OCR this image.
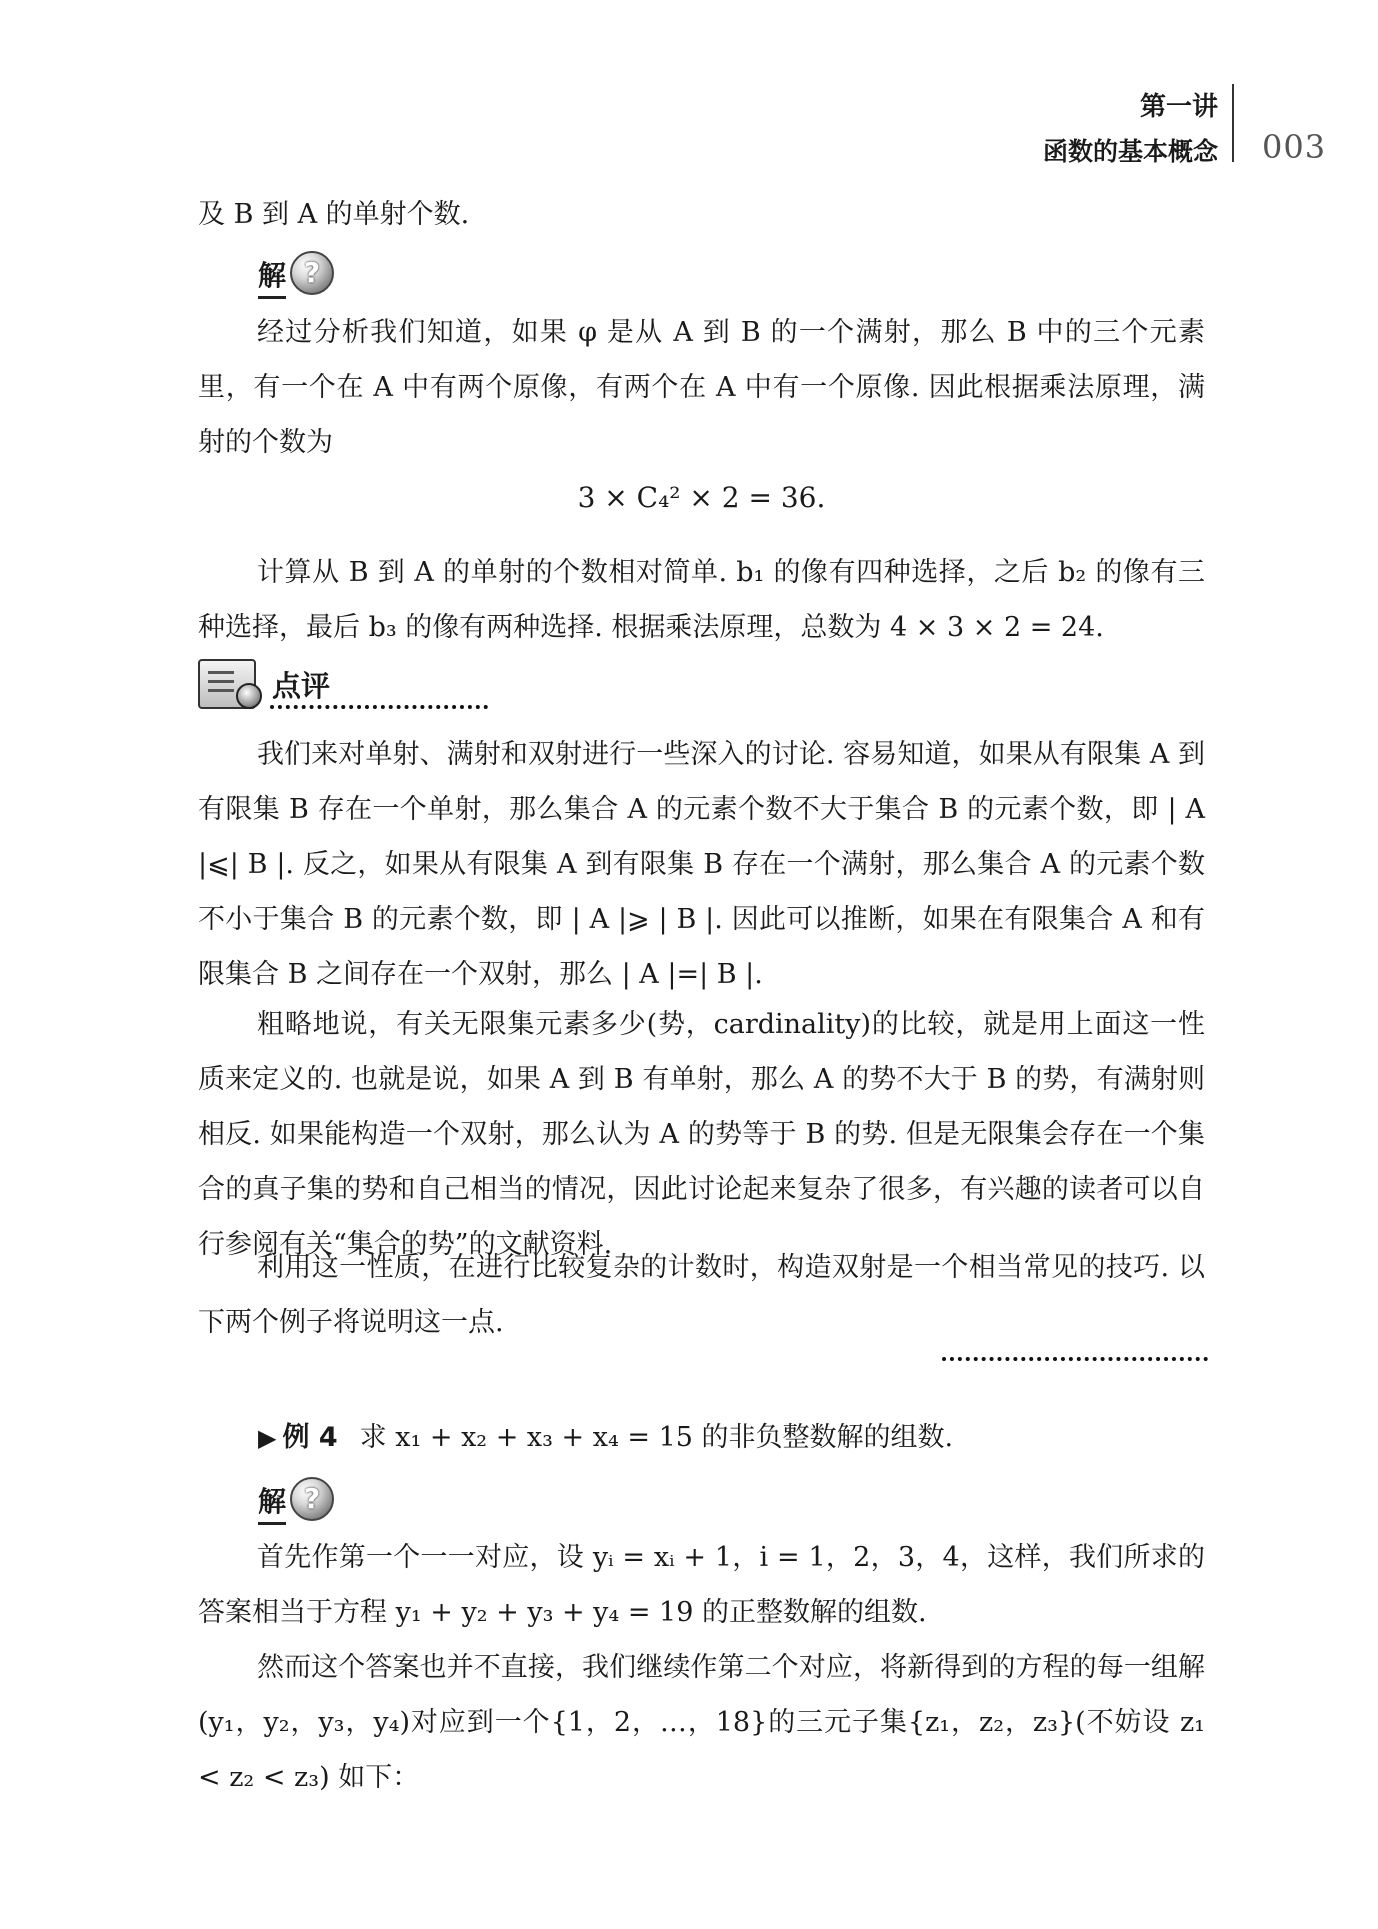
第一讲
函数的基本概念 003
及 B 到 A 的单射个数.
解 ?

经过分析我们知道，如果 φ 是从 A 到 B 的一个满射，那么 B 中的三个元素里，有一个在 A 中有两个原像，有两个在 A 中有一个原像. 因此根据乘法原理，满射的个数为

3 × C₄² × 2 = 36.

计算从 B 到 A 的单射的个数相对简单. b₁ 的像有四种选择，之后 b₂ 的像有三种选择，最后 b₃ 的像有两种选择. 根据乘法原理，总数为 4 × 3 × 2 = 24.

点评

我们来对单射、满射和双射进行一些深入的讨论. 容易知道，如果从有限集 A 到有限集 B 存在一个单射，那么集合 A 的元素个数不大于集合 B 的元素个数，即 | A |⩽| B |. 反之，如果从有限集 A 到有限集 B 存在一个满射，那么集合 A 的元素个数不小于集合 B 的元素个数，即 | A |⩾ | B |. 因此可以推断，如果在有限集合 A 和有限集合 B 之间存在一个双射，那么 | A |=| B |.

粗略地说，有关无限集元素多少(势，cardinality)的比较，就是用上面这一性质来定义的. 也就是说，如果 A 到 B 有单射，那么 A 的势不大于 B 的势，有满射则相反. 如果能构造一个双射，那么认为 A 的势等于 B 的势. 但是无限集会存在一个集合的真子集的势和自己相当的情况，因此讨论起来复杂了很多，有兴趣的读者可以自行参阅有关“集合的势”的文献资料.

利用这一性质，在进行比较复杂的计数时，构造双射是一个相当常见的技巧. 以下两个例子将说明这一点.

▶ 例 4 求 x₁ + x₂ + x₃ + x₄ = 15 的非负整数解的组数.
解 ?

首先作第一个一一对应，设 yᵢ = xᵢ + 1，i = 1，2，3，4，这样，我们所求的答案相当于方程 y₁ + y₂ + y₃ + y₄ = 19 的正整数解的组数.

然而这个答案也并不直接，我们继续作第二个对应，将新得到的方程的每一组解(y₁，y₂，y₃，y₄)对应到一个{1，2，…，18}的三元子集{z₁，z₂，z₃}(不妨设 z₁ < z₂ < z₃) 如下：
